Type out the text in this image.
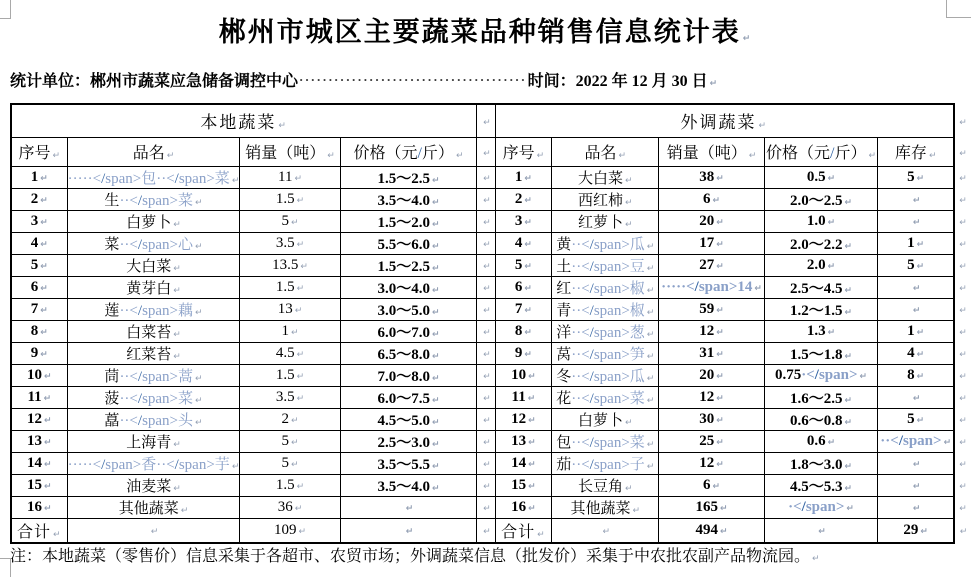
郴州市城区主要蔬菜品种销售信息统计表 ↵
统计单位：郴州市蔬菜应急储备调控中心 ······································· 时间：2022 年 12 月 30 日 ↵
本地蔬菜 ↵				↵	外调蔬菜 ↵					↵
序号 ↵	品名 ↵	销量（吨） ↵	价格（元/斤） ↵	↵	序号 ↵	品名 ↵	销量（吨） ↵	价格（元/斤） ↵	库存 ↵	↵
1 ↵	·····</span>包··</span>菜 ↵	11 ↵	1.5～2.5 ↵	↵	1 ↵	大白菜 ↵	38 ↵	0.5 ↵	5 ↵	↵
2 ↵	生··</span>菜 ↵	1.5 ↵	3.5～4.0 ↵	↵	2 ↵	西红柿 ↵	6 ↵	2.0～2.5 ↵	↵	↵
3 ↵	白萝卜 ↵	5 ↵	1.5～2.0 ↵	↵	3 ↵	红萝卜 ↵	20 ↵	1.0 ↵	↵	↵
4 ↵	菜··</span>心 ↵	3.5 ↵	5.5～6.0 ↵	↵	4 ↵	黄··</span>瓜 ↵	17 ↵	2.0～2.2 ↵	1 ↵	↵
5 ↵	大白菜 ↵	13.5 ↵	1.5～2.5 ↵	↵	5 ↵	土··</span>豆 ↵	27 ↵	2.0 ↵	5 ↵	↵
6 ↵	黄芽白 ↵	1.5 ↵	3.0～4.0 ↵	↵	6 ↵	红··</span>椒 ↵	·····</span>14 ↵	2.5～4.5 ↵	↵	↵
7 ↵	莲··</span>藕 ↵	13 ↵	3.0～5.0 ↵	↵	7 ↵	青··</span>椒 ↵	59 ↵	1.2～1.5 ↵	↵	↵
8 ↵	白菜苔 ↵	1 ↵	6.0～7.0 ↵	↵	8 ↵	洋··</span>葱 ↵	12 ↵	1.3 ↵	1 ↵	↵
9 ↵	红菜苔 ↵	4.5 ↵	6.5～8.0 ↵	↵	9 ↵	莴··</span>笋 ↵	31 ↵	1.5～1.8 ↵	4 ↵	↵
10 ↵	茼··</span>蒿 ↵	1.5 ↵	7.0～8.0 ↵	↵	10 ↵	冬··</span>瓜 ↵	20 ↵	0.75·</span> ↵	8 ↵	↵
11 ↵	菠··</span>菜 ↵	3.5 ↵	6.0～7.5 ↵	↵	11 ↵	花··</span>菜 ↵	12 ↵	1.6～2.5 ↵	↵	↵
12 ↵	藠··</span>头 ↵	2 ↵	4.5～5.0 ↵	↵	12 ↵	白萝卜 ↵	30 ↵	0.6～0.8 ↵	5 ↵	↵
13 ↵	上海青 ↵	5 ↵	2.5～3.0 ↵	↵	13 ↵	包··</span>菜 ↵	25 ↵	0.6 ↵	··</span> ↵	↵
14 ↵	·····</span>香··</span>芋 ↵	5 ↵	3.5～5.5 ↵	↵	14 ↵	茄··</span>子 ↵	12 ↵	1.8～3.0 ↵	↵	↵
15 ↵	油麦菜 ↵	1.5 ↵	3.5～4.0 ↵	↵	15 ↵	长豆角 ↵	6 ↵	4.5～5.3 ↵	↵	↵
16 ↵	其他蔬菜 ↵	36 ↵	↵	↵	16 ↵	其他蔬菜 ↵	165 ↵	·</span> ↵	↵	↵
合计 ↵	↵	109 ↵	↵	↵	合计 ↵	↵	494 ↵	↵	29 ↵	↵
注：本地蔬菜（零售价）信息采集于各超市、农贸市场；外调蔬菜信息（批发价）采集于中农批农副产品物流园。 ↵
